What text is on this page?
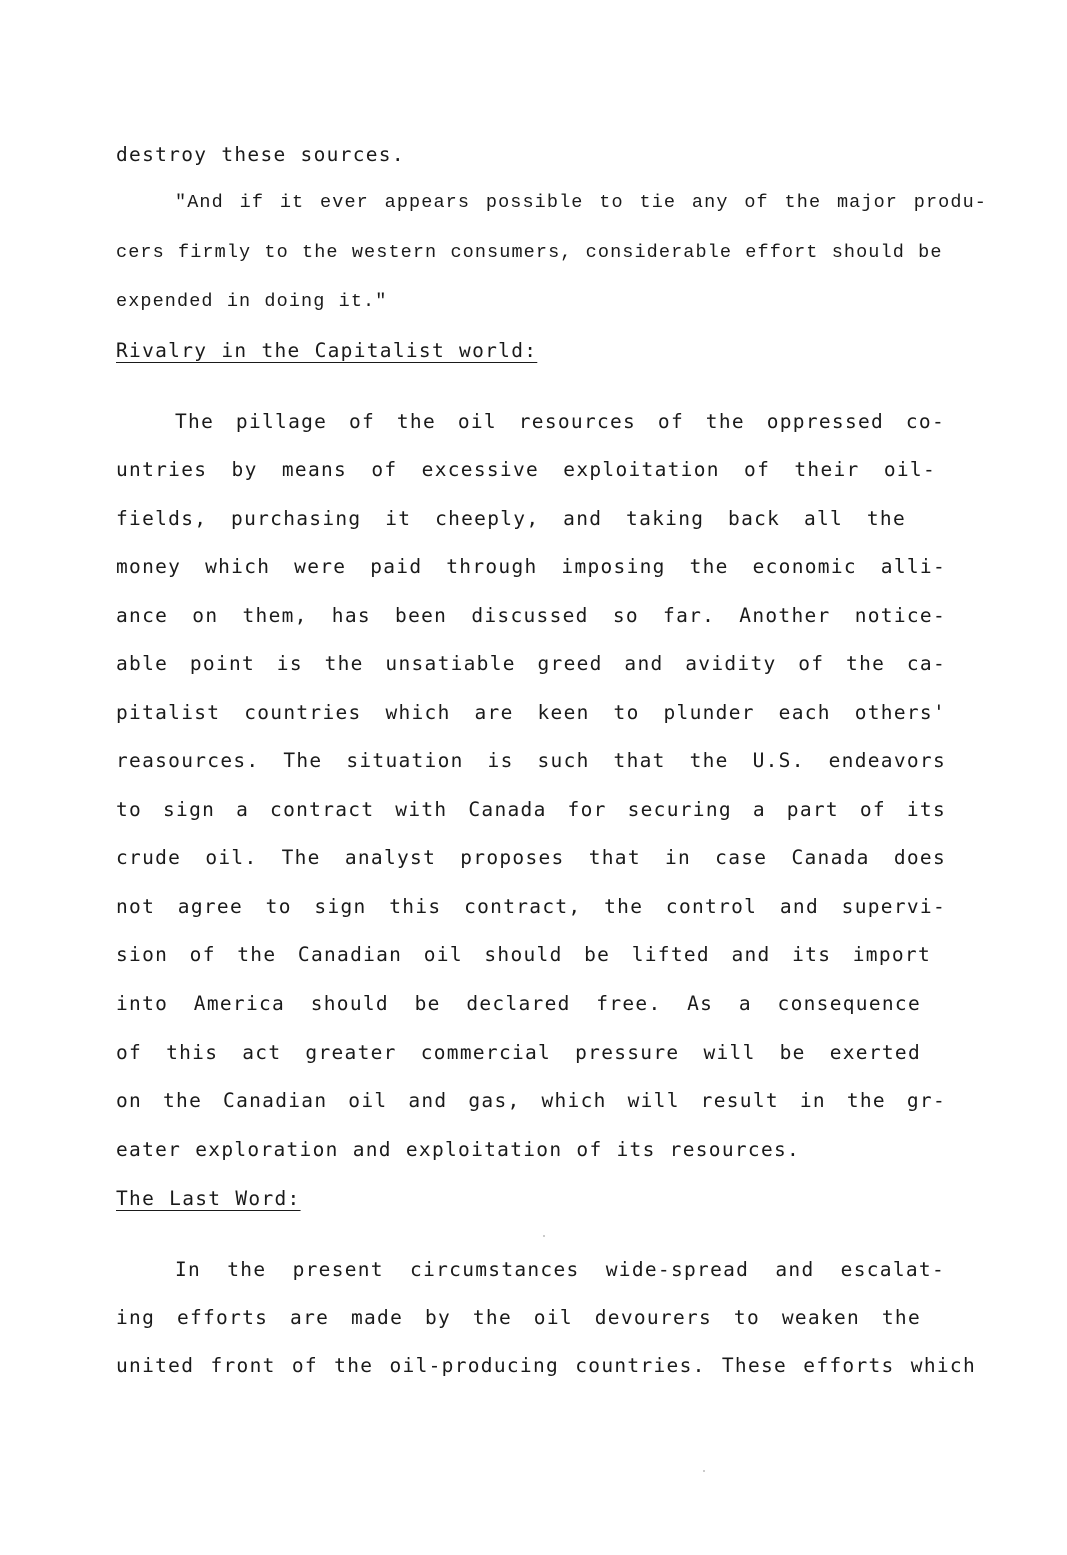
destroy these sources.
"And if it ever appears possible to tie any of the major produ-
cers firmly to the western consumers, considerable effort should be
expended in doing it."
Rivalry in the Capitalist world:
The pillage of the oil resources of the oppressed co-
untries by means of excessive exploitation of their oil-
fields, purchasing it cheeply, and taking back all the
money which were paid through imposing the economic alli-
ance on them, has been discussed so far. Another notice-
able point is the unsatiable greed and avidity of the ca-
pitalist countries which are keen to plunder each others'
reasources. The situation is such that the U.S. endeavors
to sign a contract with Canada for securing a part of its
crude oil. The analyst proposes that in case Canada does
not agree to sign this contract, the control and supervi-
sion of the Canadian oil should be lifted and its import
into America should be declared free. As a consequence
of this act greater commercial pressure will be exerted
on the Canadian oil and gas, which will result in the gr-
eater exploration and exploitation of its resources.
The Last Word:
In the present circumstances wide-spread and escalat-
ing efforts are made by the oil devourers to weaken the
united front of the oil-producing countries. These efforts which
